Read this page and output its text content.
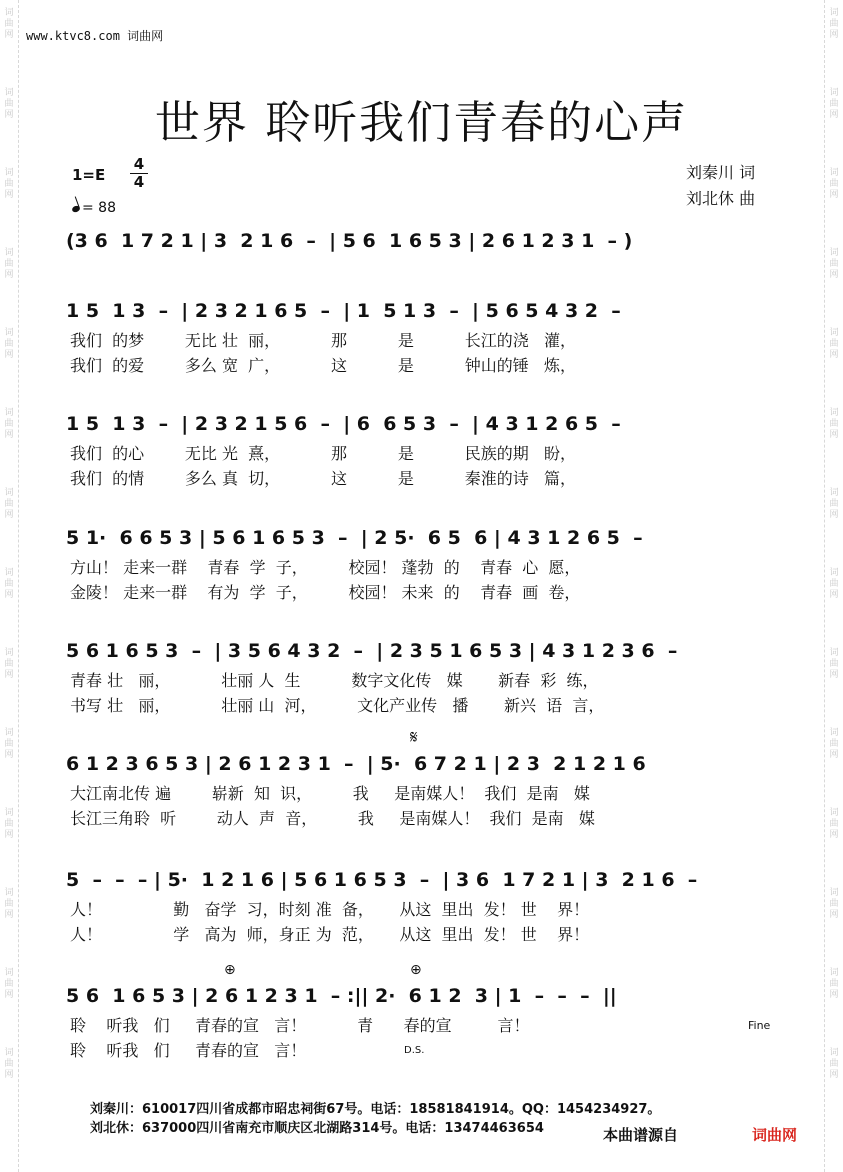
词
曲
网
词
曲
网
词
曲
网
词
曲
网
词
曲
网
词
曲
网
词
曲
网
词
曲
网
词
曲
网
词
曲
网
词
曲
网
词
曲
网
词
曲
网
词
曲
网
词
曲
网
词
曲
网
词
曲
网
词
曲
网
词
曲
网
词
曲
网
词
曲
网
词
曲
网
词
曲
网
词
曲
网
词
曲
网
词
曲
网
词
曲
网
词
曲
网
www.ktvc8.com 词曲网
世界 聆听我们青春的心声
1=E
4
4
= 88
刘秦川 词
刘北休 曲
(3 6  1 7 2 1 | 3  2 1 6  –  | 5 6  1 6 5 3 | 2 6 1 2 3 1  – )
1 5  1 3  –  | 2 3 2 1 6 5  –  | 1  5 1 3  –  | 5 6 5 4 3 2  –
我们  的梦        无比 壮  丽，          那          是          长江的浇   灌，
我们  的爱        多么 宽  广，          这          是          钟山的锤   炼，
1 5  1 3  –  | 2 3 2 1 5 6  –  | 6  6 5 3  –  | 4 3 1 2 6 5  –
我们  的心        无比 光  熹，          那          是          民族的期   盼，
我们  的情        多么 真  切，          这          是          秦淮的诗   篇，
5 1·  6 6 5 3 | 5 6 1 6 5 3  –  | 2 5·  6 5  6 | 4 3 1 2 6 5  –
方山！ 走来一群    青春  学  子，        校园！ 蓬勃  的    青春  心  愿，
金陵！ 走来一群    有为  学  子，        校园！ 未来  的    青春  画  卷，
5 6 1 6 5 3  –  | 3 5 6 4 3 2  –  | 2 3 5 1 6 5 3 | 4 3 1 2 3 6  –
青春 壮   丽，          壮丽 人  生          数字文化传   媒       新春  彩  练，
书写 壮   丽，          壮丽 山  河，        文化产业传   播       新兴  语  言，
𝄋
6 1 2 3 6 5 3 | 2 6 1 2 3 1  –  | 5·  6 7 2 1 | 2 3  2 1 2 1 6
大江南北传 遍        崭新  知  识，        我     是南媒人！  我们  是南   媒
长江三角聆  听        动人  声  音，        我     是南媒人！  我们  是南   媒
5  –  –  – | 5·  1 2 1 6 | 5 6 1 6 5 3  –  | 3 6  1 7 2 1 | 3  2 1 6  –
人！              勤   奋学  习，时刻 准  备，     从这  里出  发！ 世    界！
人！              学   高为  师，身正 为  范，     从这  里出  发！ 世    界！
⊕	⊕
5 6  1 6 5 3 | 2 6 1 2 3 1  – :|| 2·  6 1 2  3 | 1  –  –  –  ||
聆    听我   们     青春的宣   言！          青      春的宣         言！
聆    听我   们     青春的宣   言！
Fine
D.S.
刘秦川：610017四川省成都市昭忠祠街67号。电话：18581841914。QQ：1454234927。
刘北休：637000四川省南充市顺庆区北湖路314号。电话：13474463654	本曲谱源自	词曲网
